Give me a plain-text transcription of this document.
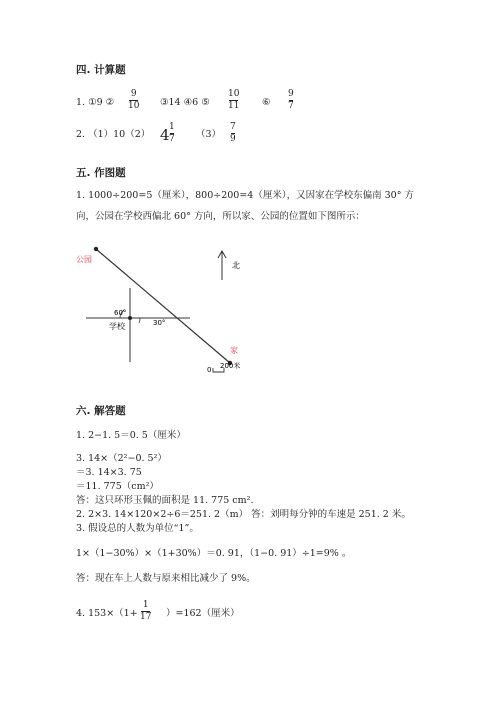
四. 计算题
1. ①9 ②
9
10 ③14 ④6 ⑤
10
11 ⑥
9
7
2. （1）10（2） 4 1
7 （3）
7
9
五. 作图题
1. 1000÷200=5（厘米），800÷200=4（厘米），又因家在学校东偏南 30° 方
向，公园在学校西偏北 60° 方向，所以家、公园的位置如下图所示：
公园
北
60°
30°
学校
家
0 200米
六. 解答题
1. 2−1. 5＝0. 5（厘米）
3. 14×（2²−0. 5²）
＝3. 14×3. 75
＝11. 775（cm²）
答：这只环形玉佩的面积是 11. 775 cm².
2. 2×3. 14×120×2÷6＝251. 2（m） 答：刘明每分钟的车速是 251. 2 米。
3. 假设总的人数为单位“1”。
1×（1−30%）×（1+30%）＝0. 91，（1−0. 91）÷1=9% 。
答：现在车上人数与原来相比减少了 9%。
4. 153×（1+
1
17 ）=162（厘米）
